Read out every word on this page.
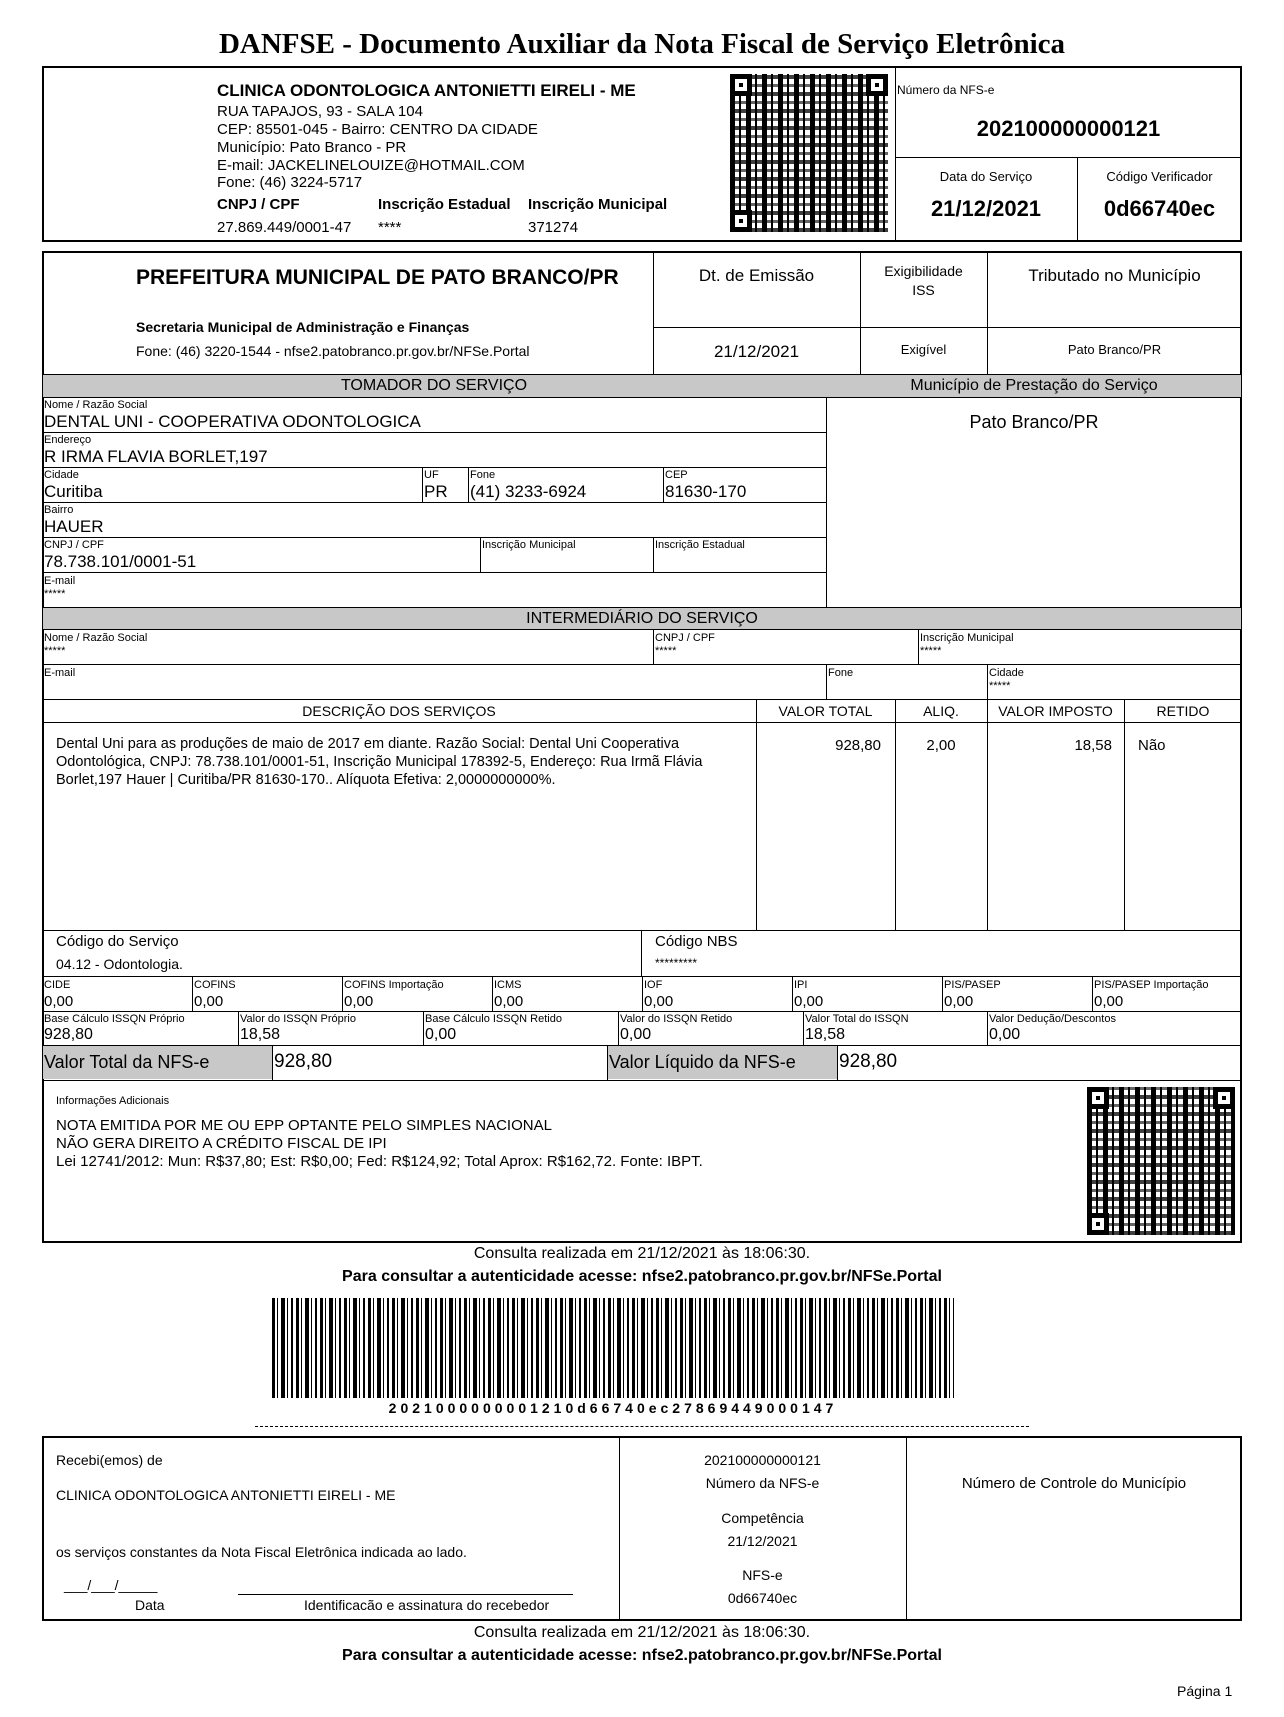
DANFSE - Documento Auxiliar da Nota Fiscal de Serviço Eletrônica
CLINICA ODONTOLOGICA ANTONIETTI EIRELI - ME
RUA TAPAJOS, 93 - SALA 104
CEP: 85501-045 - Bairro: CENTRO DA CIDADE
Município: Pato Branco - PR
E-mail: JACKELINELOUIZE@HOTMAIL.COM
Fone: (46) 3224-5717
CNPJ / CPF
27.869.449/0001-47
Inscrição Estadual
****
Inscrição Municipal
371274
Número da NFS-e
202100000000121
Data do Serviço
21/12/2021
Código Verificador
0d66740ec
PREFEITURA MUNICIPAL DE PATO BRANCO/PR
Secretaria Municipal de Administração e Finanças
Fone: (46) 3220-1544 - nfse2.patobranco.pr.gov.br/NFSe.Portal
Dt. de Emissão
21/12/2021
Exigibilidade
ISS
Exigível
Tributado no Município
Pato Branco/PR
TOMADOR DO SERVIÇO	Município de Prestação do Serviço
Pato Branco/PR
Nome / Razão Social
DENTAL UNI - COOPERATIVA ODONTOLOGICA
Endereço
R IRMA FLAVIA BORLET,197
Cidade
Curitiba
UF
PR
Fone
(41) 3233-6924
CEP
81630-170
Bairro
HAUER
CNPJ / CPF
78.738.101/0001-51
Inscrição Municipal	Inscrição Estadual
E-mail
*****
INTERMEDIÁRIO DO SERVIÇO
Nome / Razão Social
*****
CNPJ / CPF
*****
Inscrição Municipal
*****
E-mail	Fone	Cidade
*****
DESCRIÇÃO DOS SERVIÇOS	VALOR TOTAL	ALIQ.	VALOR IMPOSTO	RETIDO
Dental Uni para as produções de maio de 2017 em diante. Razão Social: Dental Uni Cooperativa Odontológica, CNPJ: 78.738.101/0001-51, Inscrição Municipal 178392-5, Endereço: Rua Irmã Flávia Borlet,197 Hauer | Curitiba/PR 81630-170.. Alíquota Efetiva: 2,0000000000%.
928,80	2,00	18,58 Não
Código do Serviço
04.12 - Odontologia.
Código NBS
*********
CIDE
0,00
COFINS
0,00
COFINS Importação
0,00
ICMS
0,00
IOF
0,00
IPI
0,00
PIS/PASEP
0,00
PIS/PASEP Importação
0,00
Base Cálculo ISSQN Próprio
928,80
Valor do ISSQN Próprio
18,58
Base Cálculo ISSQN Retido
0,00
Valor do ISSQN Retido
0,00
Valor Total do ISSQN
18,58
Valor Dedução/Descontos
0,00
Valor Total da NFS-e	928,80	Valor Líquido da NFS-e 928,80
Informações Adicionais
NOTA EMITIDA POR ME OU EPP OPTANTE PELO SIMPLES NACIONAL
NÃO GERA DIREITO A CRÉDITO FISCAL DE IPI
Lei 12741/2012: Mun: R$37,80; Est: R$0,00; Fed: R$124,92; Total Aprox: R$162,72. Fonte: IBPT.
Consulta realizada em 21/12/2021 às 18:06:30.
Para consultar a autenticidade acesse: nfse2.patobranco.pr.gov.br/NFSe.Portal
2021000000001210d66740ec27869449000147
Recebi(emos) de
CLINICA ODONTOLOGICA ANTONIETTI EIRELI - ME
os serviços constantes da Nota Fiscal Eletrônica indicada ao lado.
___/___/_____
Data	Identificacão e assinatura do recebedor
202100000000121
Número da NFS-e
Competência
21/12/2021
NFS-e
0d66740ec
Número de Controle do Município
Consulta realizada em 21/12/2021 às 18:06:30.
Para consultar a autenticidade acesse: nfse2.patobranco.pr.gov.br/NFSe.Portal
Página 1
